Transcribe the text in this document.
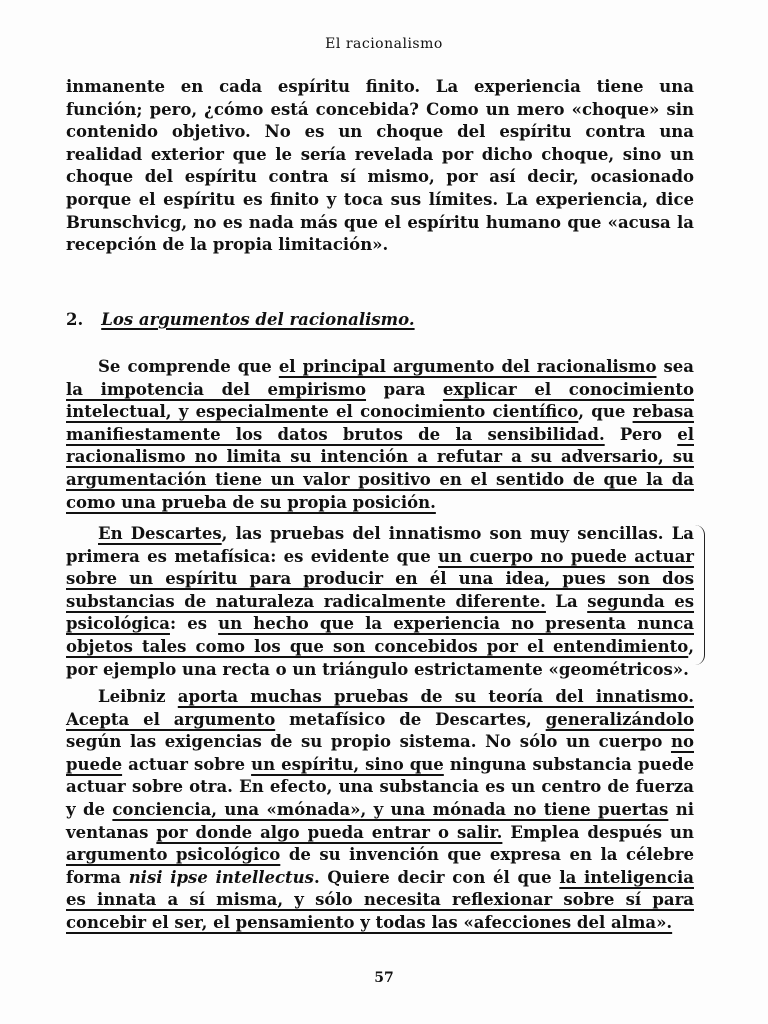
El racionalismo
inmanente en cada espíritu finito. La experiencia tiene una función; pero, ¿cómo está concebida? Como un mero «choque» sin contenido objetivo. No es un choque del espíritu contra una realidad exterior que le sería revelada por dicho choque, sino un choque del espíritu contra sí mismo, por así decir, ocasionado porque el espíritu es finito y toca sus límites. La experiencia, dice Brunschvicg, no es nada más que el espíritu humano que «acusa la recepción de la propia limitación».
2. Los argumentos del racionalismo.
Se comprende que el principal argumento del racionalismo sea la impotencia del empirismo para explicar el conocimiento intelectual, y especialmente el conocimiento científico, que rebasa manifiestamente los datos brutos de la sensibilidad. Pero el racionalismo no limita su intención a refutar a su adversario, su argumentación tiene un valor positivo en el sentido de que la da como una prueba de su propia posición.
En Descartes, las pruebas del innatismo son muy sencillas. La primera es metafísica: es evidente que un cuerpo no puede actuar sobre un espíritu para producir en él una idea, pues son dos substancias de naturaleza radicalmente diferente. La segunda es psicológica: es un hecho que la experiencia no presenta nunca objetos tales como los que son concebidos por el entendimiento, por ejemplo una recta o un triángulo estrictamente «geométricos».
Leibniz aporta muchas pruebas de su teoría del innatismo. Acepta el argumento metafísico de Descartes, generalizándolo según las exigencias de su propio sistema. No sólo un cuerpo no puede actuar sobre un espíritu, sino que ninguna substancia puede actuar sobre otra. En efecto, una substancia es un centro de fuerza y de conciencia, una «mónada», y una mónada no tiene puertas ni ventanas por donde algo pueda entrar o salir. Emplea después un argumento psicológico de su invención que expresa en la célebre forma nisi ipse intellectus. Quiere decir con él que la inteligencia es innata a sí misma, y sólo necesita reflexionar sobre sí para concebir el ser, el pensamiento y todas las «afecciones del alma».
57
